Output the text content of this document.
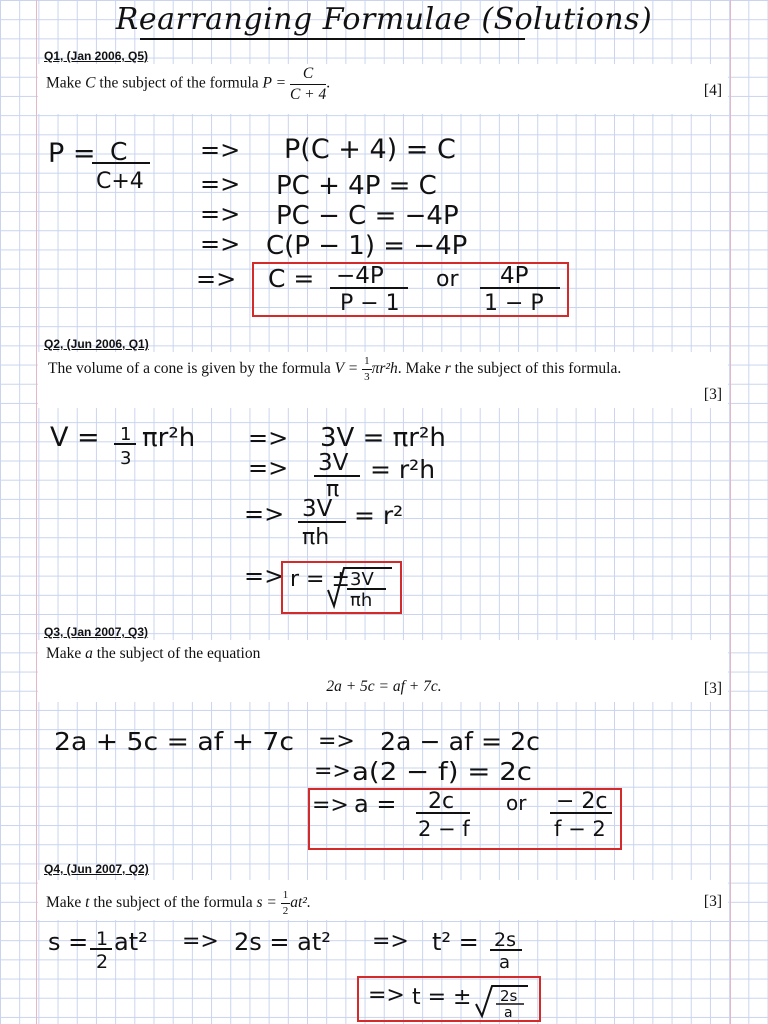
Rearranging Formulae (Solutions)
Q1, (Jan 2006, Q5)
Make C the subject of the formula $P = \frac{C}{C + 4}$ .	[4]
P = C
C+4
=> P(C + 4) = C
=> PC + 4P = C
=> PC − C = −4P
=> C(P − 1) = −4P
=> C = −4P
P − 1
or 4P
1 − P
Q2, (Jun 2006, Q1)
The volume of a cone is given by the formula $V = \frac{1}{3} \pi r^2h$. Make r the subject of this formula.
[3]
V = 1
3
πr²h => 3V = πr²h
=> 3V
π
= r²h
=> 3V
πh
= r²
=> r = ± 3V
πh
Q3, (Jan 2007, Q3)
Make a the subject of the equation
2a + 5c = af + 7c.	[3]
2a + 5c = af + 7c => 2a − af = 2c
=> a(2 − f) = 2c
=> a = 2c
2 − f
or − 2c
f − 2
Q4, (Jun 2007, Q2)
Make t the subject of the formula $s = \frac{1}{2} at^2$.	[3]
s = 1
2
at² => 2s = at² => t² = 2s
a
=> t = ± 2s
a
